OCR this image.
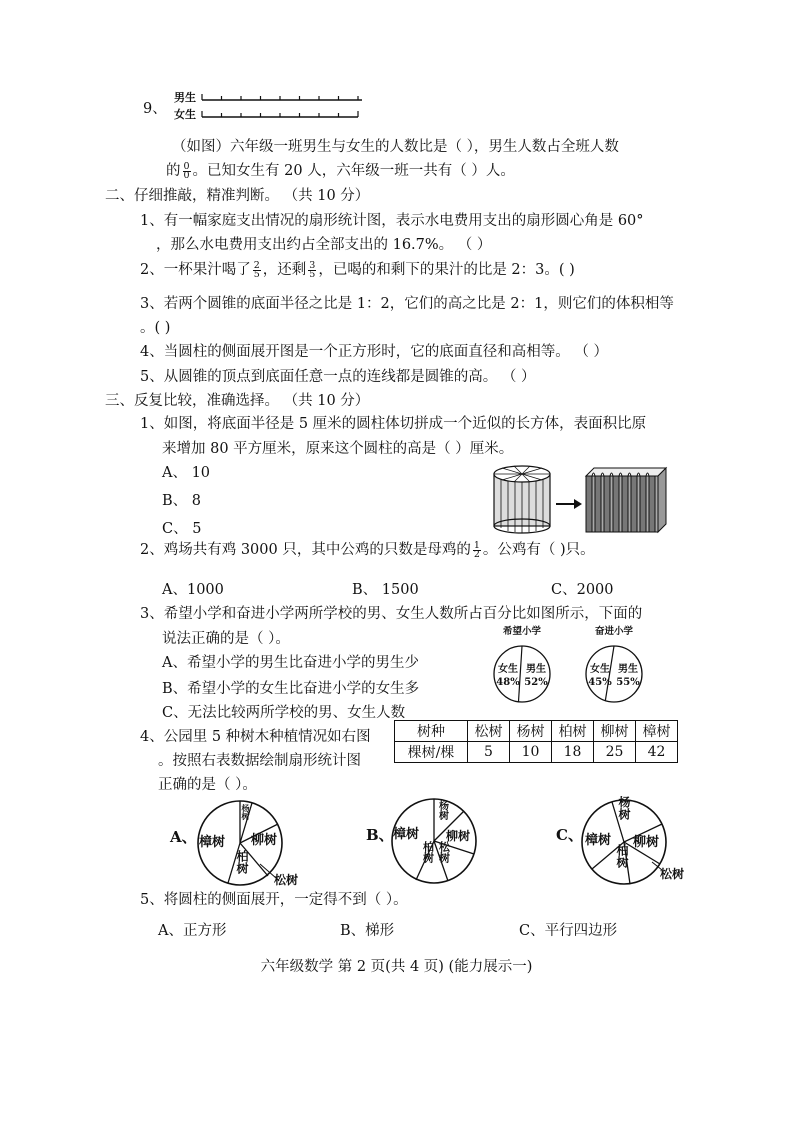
9、
男生
女生
（如图）六年级一班男生与女生的人数比是（ ），男生人数占全班人数
的 $\frac{0}{0}$ 。已知女生有 20 人，六年级一班一共有（ ）人。
二、仔细推敲，精准判断。 （共 10 分）
1、有一幅家庭支出情况的扇形统计图，表示水电费用支出的扇形圆心角是 60°
，那么水电费用支出约占全部支出的 16.7%。 （ ）
2、一杯果汁喝了 $\frac{2}{5}$ ，还剩 $\frac{3}{5}$ ，已喝的和剩下的果汁的比是 2：3。( )
3、若两个圆锥的底面半径之比是 1：2，它们的高之比是 2：1，则它们的体积相等
。( )
4、当圆柱的侧面展开图是一个正方形时，它的底面直径和高相等。 （ ）
5、从圆锥的顶点到底面任意一点的连线都是圆锥的高。 （ ）
三、反复比较，准确选择。 （共 10 分）
1、如图，将底面半径是 5 厘米的圆柱体切拼成一个近似的长方体，表面积比原
来增加 80 平方厘米，原来这个圆柱的高是（ ）厘米。
A、 10
B、 8
C、 5
2、鸡场共有鸡 3000 只，其中公鸡的只数是母鸡的 $\frac{1}{2}$ 。公鸡有（ )只。
A、1000	B、 1500	C、2000
3、希望小学和奋进小学两所学校的男、女生人数所占百分比如图所示，下面的
说法正确的是（ ）。
A、希望小学的男生比奋进小学的男生少
B、希望小学的女生比奋进小学的女生多
C、无法比较两所学校的男、女生人数
希望小学
女生
48%
男生
52%
奋进小学
女生
45%
男生
55%
4、公园里 5 种树木种植情况如右图
。按照右表数据绘制扇形统计图
正确的是（ ）。
树种	松树	杨树	柏树	柳树	樟树
棵树/棵	5	10	18	25	42
A、 樟树
杨树
柳树
柏树
松树
B、 樟树
杨树
柳树
柏树 松树
C、 樟树
杨树
柳树
柏树
松树
5、将圆柱的侧面展开，一定得不到（ ）。
A、正方形	B、梯形	C、平行四边形
六年级数学 第 2 页(共 4 页) (能力展示一)
